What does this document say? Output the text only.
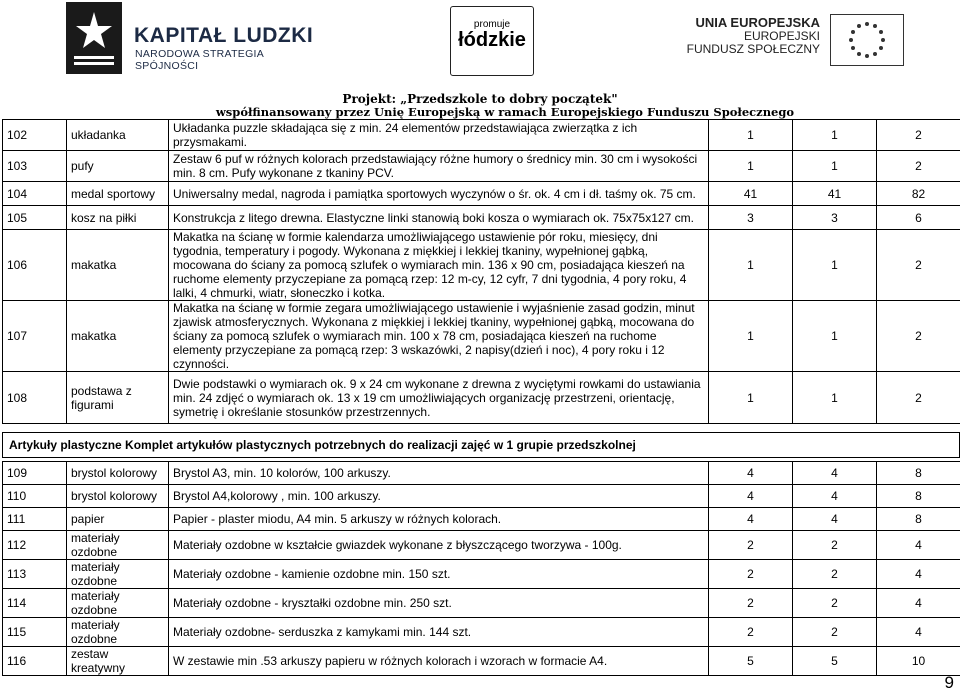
KAPITAŁ LUDZKI
NARODOWA STRATEGIA SPÓJNOŚCI
promuje
łódzkie
UNIA EUROPEJSKA
EUROPEJSKI
FUNDUSZ SPOŁECZNY
Projekt: „Przedszkole to dobry początek"
współfinansowany przez Unię Europejską w ramach Europejskiego Funduszu Społecznego
102	układanka	Układanka puzzle składająca się z min. 24 elementów przedstawiająca zwierzątka z ich przysmakami.	1	1	2
103	pufy	Zestaw 6 puf w różnych kolorach przedstawiający różne humory o średnicy min. 30 cm i wysokości min. 8 cm. Pufy wykonane z tkaniny PCV.	1	1	2
104	medal sportowy	Uniwersalny medal, nagroda i pamiątka sportowych wyczynów o śr. ok. 4 cm i dł. taśmy ok. 75 cm.	41	41	82
105	kosz na piłki	Konstrukcja z litego drewna. Elastyczne linki stanowią boki kosza o wymiarach ok. 75x75x127 cm.	3	3	6
106	makatka	Makatka na ścianę w formie kalendarza umożliwiającego ustawienie pór roku, miesięcy, dni tygodnia, temperatury i pogody. Wykonana z miękkiej i lekkiej tkaniny, wypełnionej gąbką, mocowana do ściany za pomocą szlufek o wymiarach min. 136 x 90 cm, posiadająca kieszeń na ruchome elementy przyczepiane za pomącą rzep: 12 m-cy, 12 cyfr, 7 dni tygodnia, 4 pory roku, 4 lalki, 4 chmurki, wiatr, słoneczko i kotka.	1	1	2
107	makatka	Makatka na ścianę w formie zegara umożliwiającego ustawienie i wyjaśnienie zasad godzin, minut zjawisk atmosferycznych. Wykonana z miękkiej i lekkiej tkaniny, wypełnionej gąbką, mocowana do ściany za pomocą szlufek o wymiarach min. 100 x 78 cm, posiadająca kieszeń na ruchome elementy przyczepiane za pomącą rzep: 3 wskazówki, 2 napisy(dzień i noc), 4 pory roku i 12 czynności.	1	1	2
108	podstawa z figurami	Dwie podstawki o wymiarach ok. 9 x 24 cm wykonane z drewna z wyciętymi rowkami do ustawiania min. 24 zdjęć o wymiarach ok. 13 x 19 cm umożliwiających organizację przestrzeni, orientację, symetrię i określanie stosunków przestrzennych.	1	1	2
Artykuły plastyczne Komplet artykułów plastycznych potrzebnych do realizacji zajęć w 1 grupie przedszkolnej
109	brystol kolorowy	Brystol A3, min. 10 kolorów, 100 arkuszy.	4	4	8
110	brystol kolorowy	Brystol A4,kolorowy , min. 100 arkuszy.	4	4	8
111	papier	Papier - plaster miodu, A4 min. 5 arkuszy w różnych kolorach.	4	4	8
112	materiały ozdobne	Materiały ozdobne w kształcie gwiazdek wykonane z błyszczącego tworzywa - 100g.	2	2	4
113	materiały ozdobne	Materiały ozdobne - kamienie ozdobne min. 150 szt.	2	2	4
114	materiały ozdobne	Materiały ozdobne - kryształki ozdobne min. 250 szt.	2	2	4
115	materiały ozdobne	Materiały ozdobne- serduszka z kamykami min. 144 szt.	2	2	4
116	zestaw kreatywny	W zestawie min .53 arkuszy papieru w różnych kolorach i wzorach w formacie A4.	5	5	10
9
